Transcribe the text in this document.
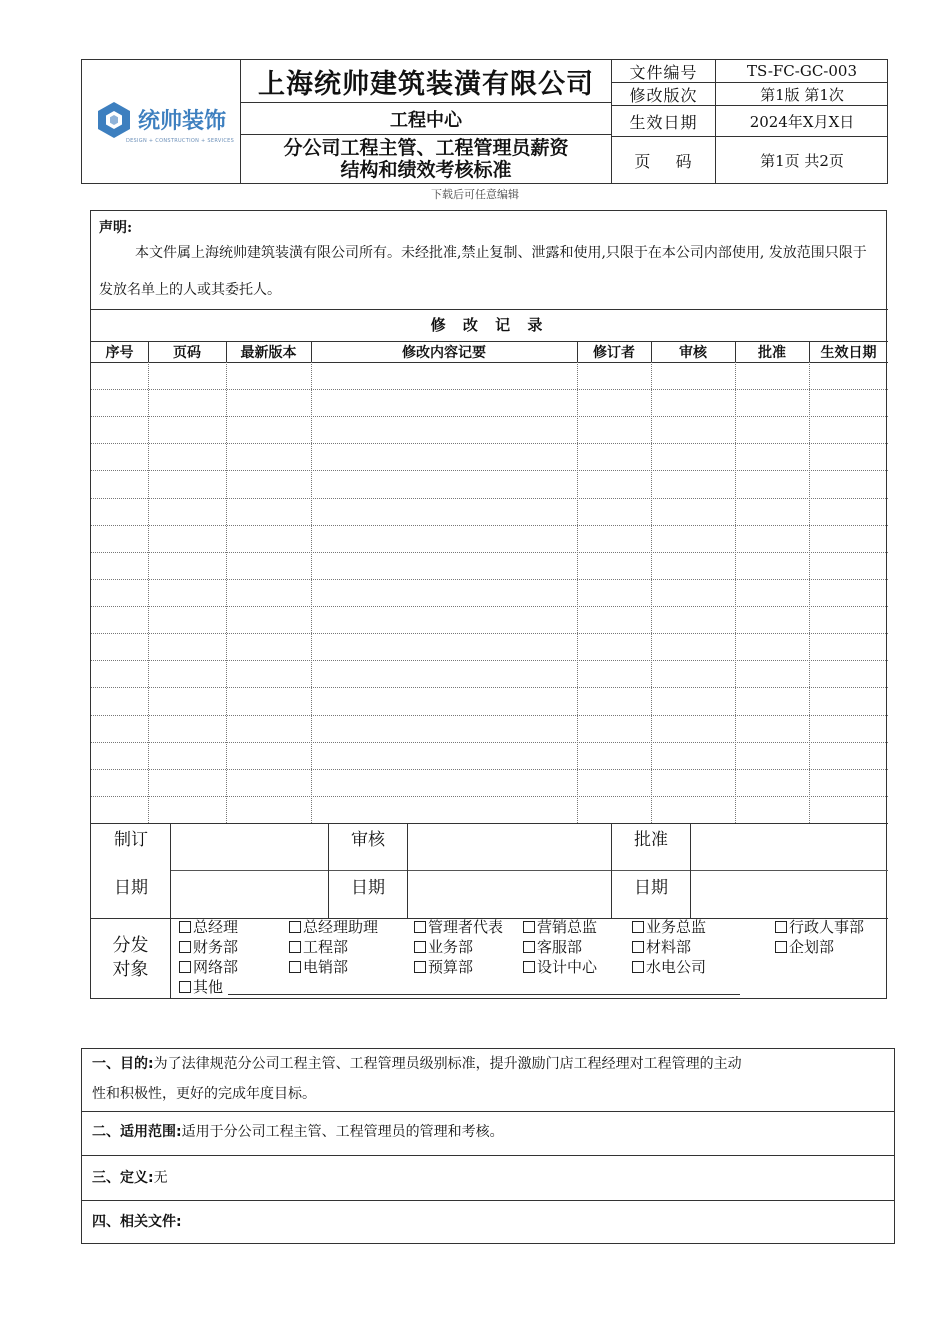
统帅装饰
DESIGN + CONSTRUCTION + SERVICES
上海统帅建筑装潢有限公司
工程中心
分公司工程主管、工程管理员薪资
结构和绩效考核标准
文件编号	TS-FC-GC-003
修改版次	第1版 第1次
生效日期	2024年X月X日
页    码	第1页 共2页
下载后可任意编辑
声明:
本文件属上海统帅建筑装潢有限公司所有。未经批准,禁止复制、泄露和使用,只限于在本公司内部使用, 发放范围只限于发放名单上的人或其委托人。
修 改 记 录
序号	页码	最新版本	修改内容记要	修订者	审核	批准	生效日期
制订	审核	批准
日期	日期	日期
分发
对象
总经理	总经理助理	管理者代表	营销总监	业务总监	行政人事部
财务部	工程部	业务部	客服部	材料部	企划部
网络部	电销部	预算部	设计中心	水电公司
其他
一、目的:为了法律规范分公司工程主管、工程管理员级别标准，提升激励门店工程经理对工程管理的主动
性和积极性，更好的完成年度目标。
二、适用范围:适用于分公司工程主管、工程管理员的管理和考核。
三、定义:无
四、相关文件:
